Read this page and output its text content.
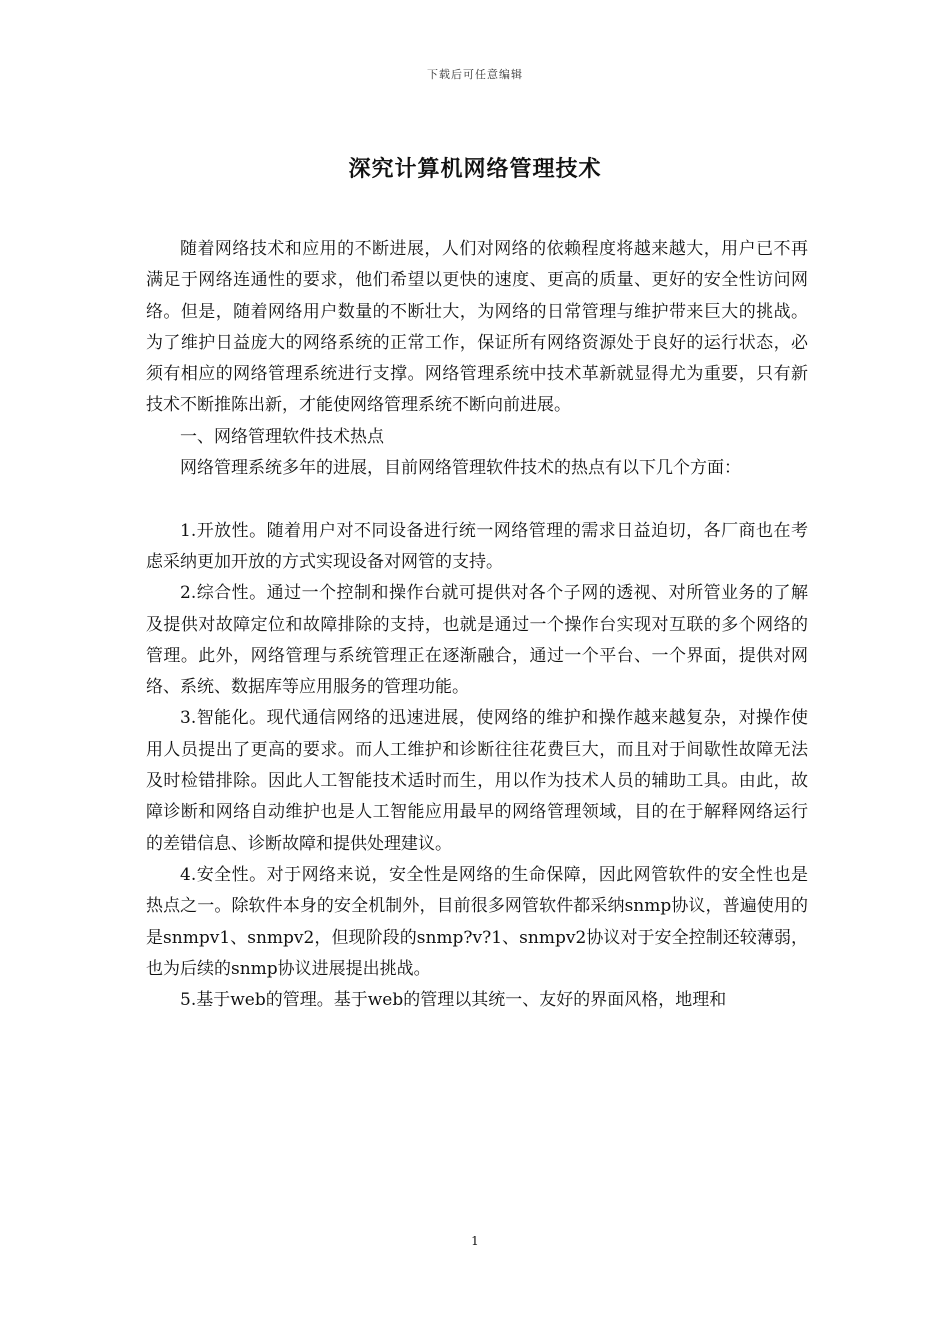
下载后可任意编辑
深究计算机网络管理技术

随着网络技术和应用的不断进展，人们对网络的依赖程度将越来越大，用户已不再满足于网络连通性的要求，他们希望以更快的速度、更高的质量、更好的安全性访问网络。但是，随着网络用户数量的不断壮大，为网络的日常管理与维护带来巨大的挑战。为了维护日益庞大的网络系统的正常工作，保证所有网络资源处于良好的运行状态，必须有相应的网络管理系统进行支撑。网络管理系统中技术革新就显得尤为重要，只有新技术不断推陈出新，才能使网络管理系统不断向前进展。

一、网络管理软件技术热点

网络管理系统多年的进展，目前网络管理软件技术的热点有以下几个方面：

1.开放性。随着用户对不同设备进行统一网络管理的需求日益迫切，各厂商也在考虑采纳更加开放的方式实现设备对网管的支持。

2.综合性。通过一个控制和操作台就可提供对各个子网的透视、对所管业务的了解及提供对故障定位和故障排除的支持，也就是通过一个操作台实现对互联的多个网络的管理。此外，网络管理与系统管理正在逐渐融合，通过一个平台、一个界面，提供对网络、系统、数据库等应用服务的管理功能。

3.智能化。现代通信网络的迅速进展，使网络的维护和操作越来越复杂，对操作使用人员提出了更高的要求。而人工维护和诊断往往花费巨大，而且对于间歇性故障无法及时检错排除。因此人工智能技术适时而生，用以作为技术人员的辅助工具。由此，故障诊断和网络自动维护也是人工智能应用最早的网络管理领域，目的在于解释网络运行的差错信息、诊断故障和提供处理建议。

4.安全性。对于网络来说，安全性是网络的生命保障，因此网管软件的安全性也是热点之一。除软件本身的安全机制外，目前很多网管软件都采纳snmp协议，普遍使用的是snmpv1、snmpv2，但现阶段的snmp?v?1、snmpv2协议对于安全控制还较薄弱，也为后续的snmp协议进展提出挑战。

5.基于web的管理。基于web的管理以其统一、友好的界面风格，地理和

1
